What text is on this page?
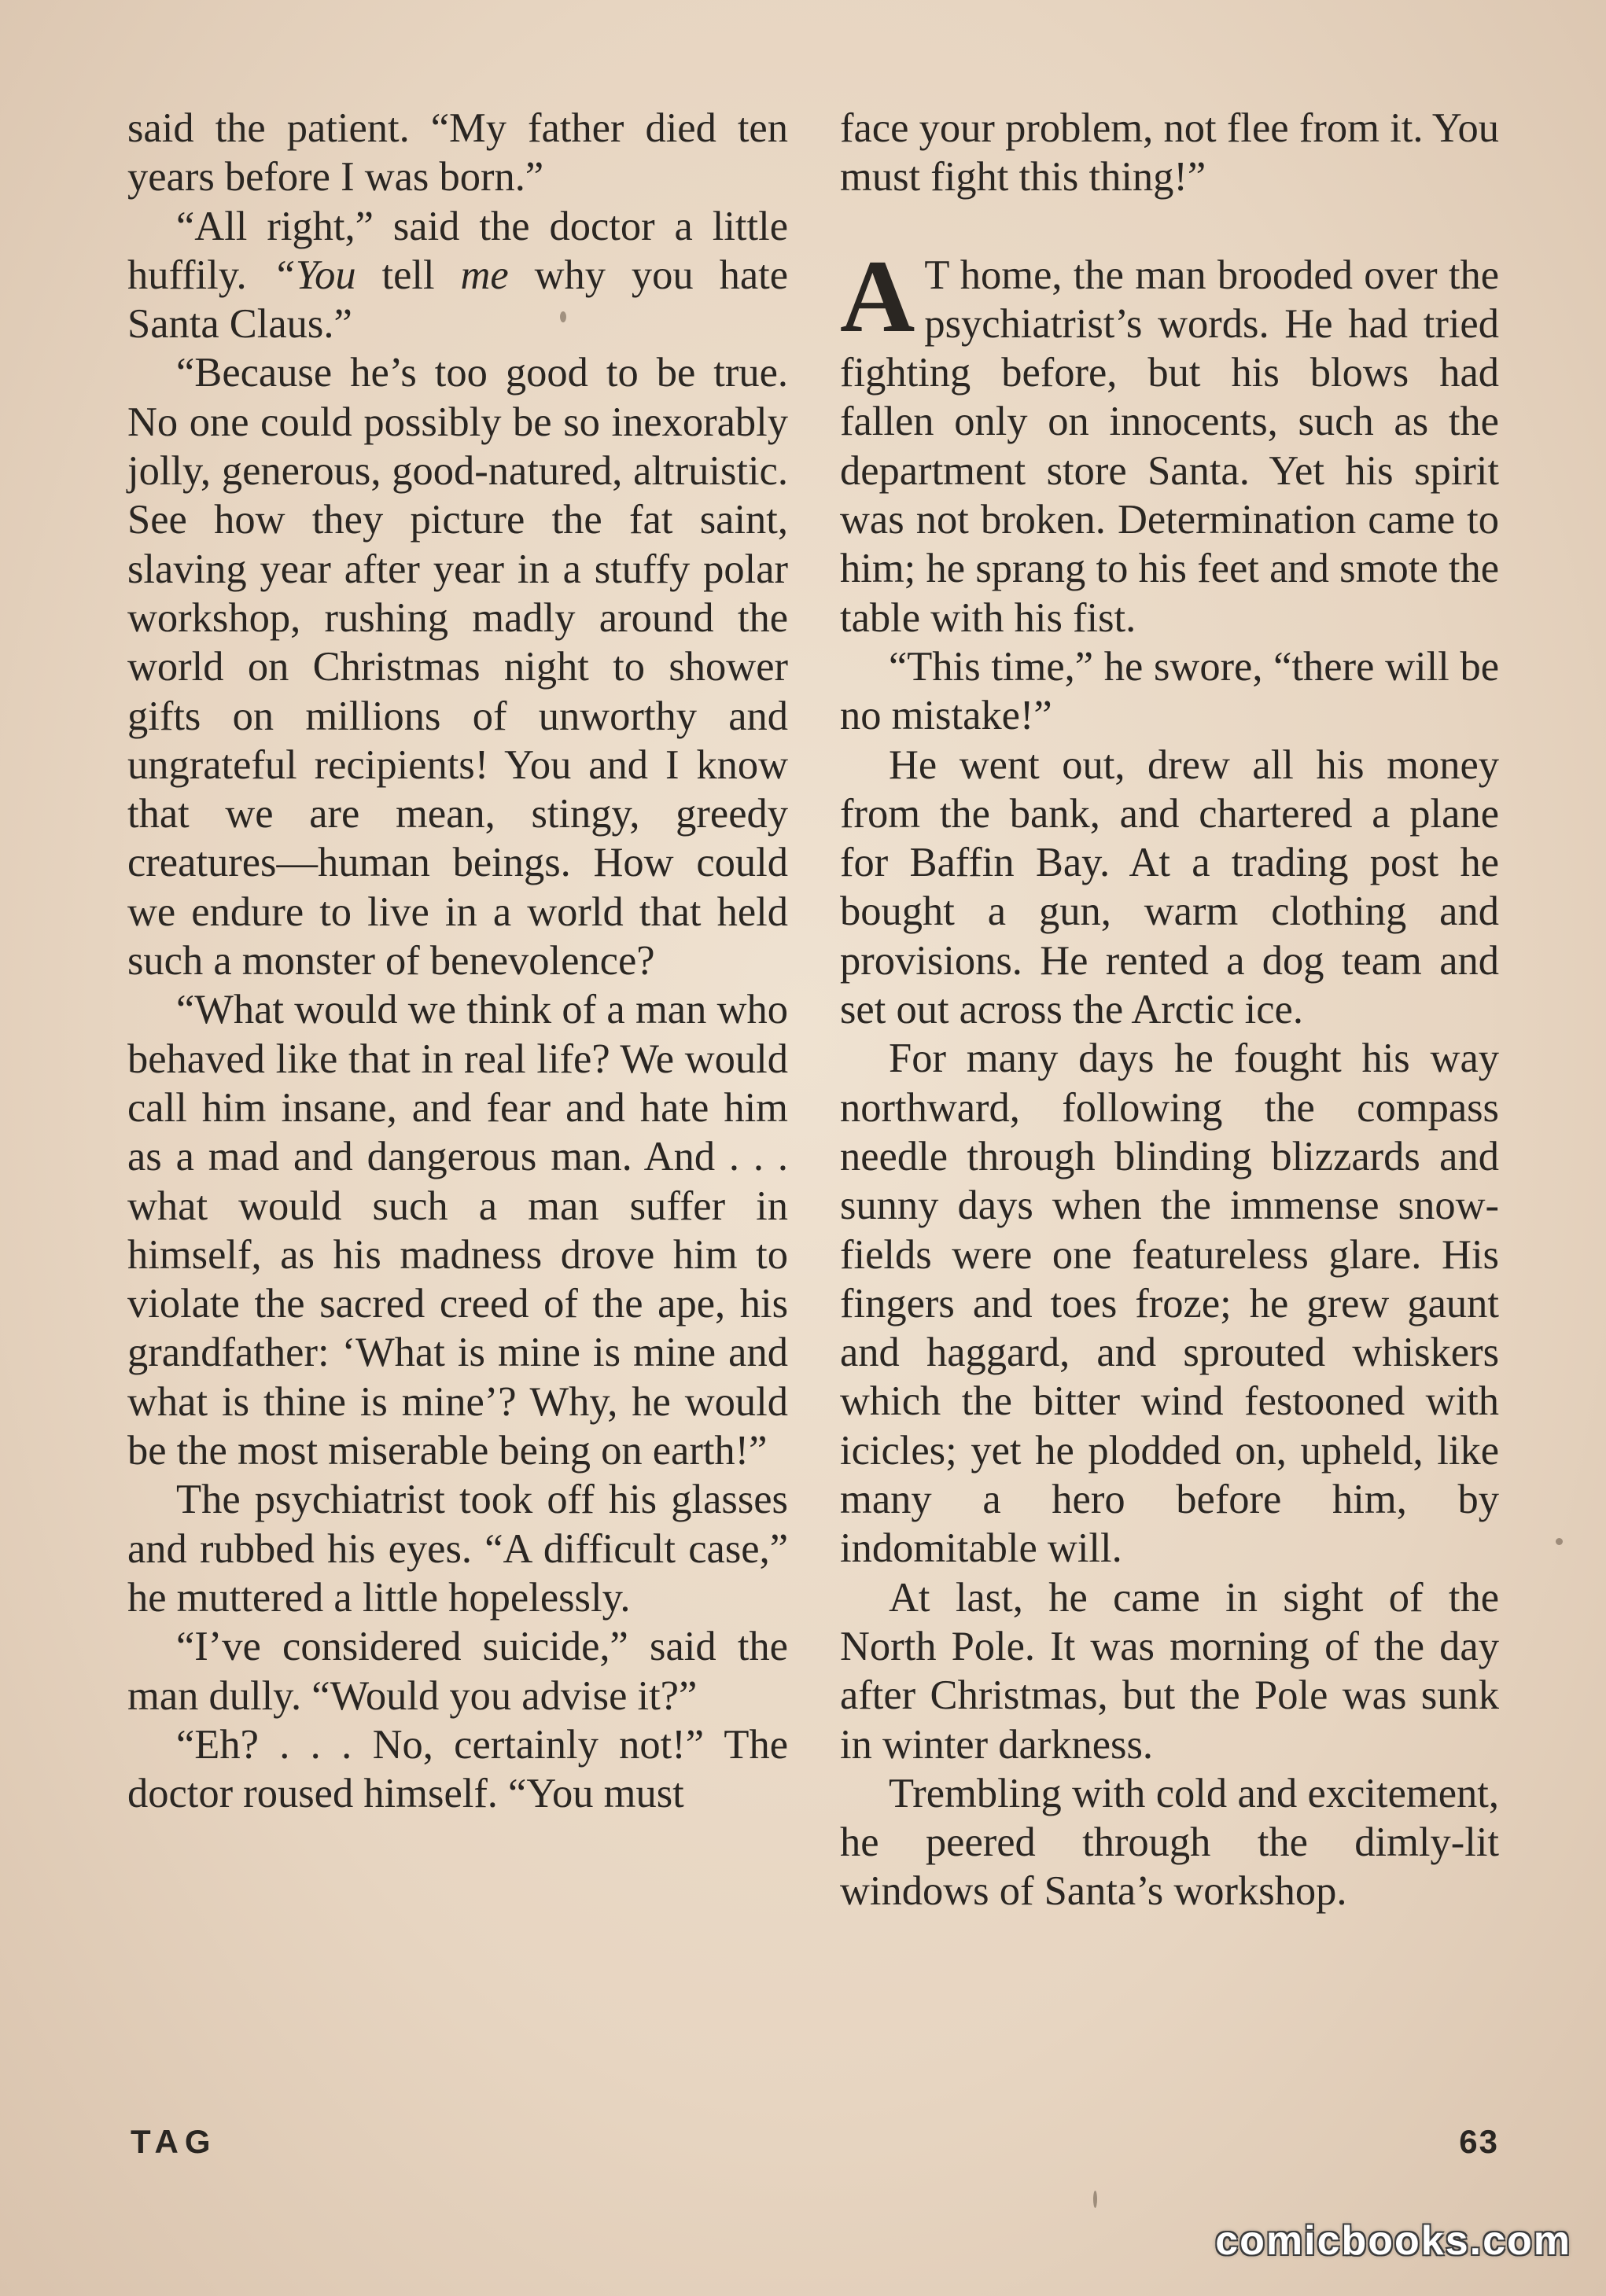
said the patient. “My father died ten years before I was born.”

“All right,” said the doctor a little huffily. “You tell me why you hate Santa Claus.”

“Because he’s too good to be true. No one could possibly be so inexorably jolly, generous, good-natured, altruistic. See how they picture the fat saint, slaving year after year in a stuffy polar workshop, rushing madly around the world on Christmas night to shower gifts on millions of unworthy and ungrateful recipients! You and I know that we are mean, stingy, greedy creatures—human beings. How could we endure to live in a world that held such a monster of benevolence?

“What would we think of a man who behaved like that in real life? We would call him insane, and fear and hate him as a mad and dangerous man. And . . . what would such a man suffer in himself, as his madness drove him to violate the sacred creed of the ape, his grandfather: ‘What is mine is mine and what is thine is mine’? Why, he would be the most miserable being on earth!”

The psychiatrist took off his glasses and rubbed his eyes. “A difficult case,” he muttered a little hopelessly.

“I’ve considered suicide,” said the man dully. “Would you advise it?”

“Eh? . . . No, certainly not!” The doctor roused himself. “You must

face your problem, not flee from it. You must fight this thing!”

A T home, the man brooded over the psychiatrist’s words. He had tried fighting before, but his blows had fallen only on innocents, such as the department store Santa. Yet his spirit was not broken. Determination came to him; he sprang to his feet and smote the table with his fist.

“This time,” he swore, “there will be no mistake!”

He went out, drew all his money from the bank, and chartered a plane for Baffin Bay. At a trading post he bought a gun, warm clothing and provisions. He rented a dog team and set out across the Arctic ice.

For many days he fought his way northward, following the compass needle through blinding blizzards and sunny days when the immense snow-fields were one featureless glare. His fingers and toes froze; he grew gaunt and haggard, and sprouted whiskers which the bitter wind festooned with icicles; yet he plodded on, upheld, like many a hero before him, by indomitable will.

At last, he came in sight of the North Pole. It was morning of the day after Christmas, but the Pole was sunk in winter darkness.

Trembling with cold and excitement, he peered through the dimly-lit windows of Santa’s workshop.

TAG	63
comicbooks.com
